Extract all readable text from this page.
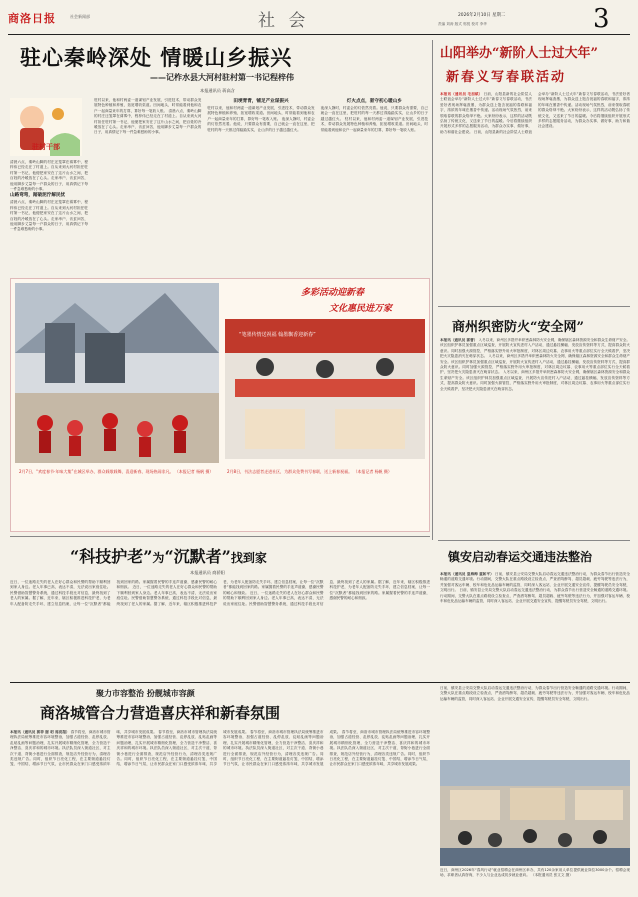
商洛日报	社会新闻部	社 会	责编 刘涛 版式 郭悦 校对 李华
2026年2月10日 星期二	3
驻心秦岭深处 情暖山乡振兴
——记柞水县大河村驻村第一书记程梓伟
本报通讯员 蒋高含
驻村干部
清晨六点，秦岭山脚的村庄还笼罩在薄雾中，程梓伟已经走在了村道上。自从来到大河村担任驻村第一书记，他便把家安在了这片山水之间，把百姓的冷暖放在了心头。走家串户、访贫问苦，他用脚步丈量每一户群众的日子，用真情记下每一件急难愁盼的小事。
山路弯弯，踏破泥泞解民忧
清晨六点，秦岭山脚的村庄还笼罩在薄雾中，程梓伟已经走在了村道上。自从来到大河村担任驻村第一书记，他便把家安在了这片山水之间，把百姓的冷暖放在了心头。走家串户、访贫问苦，他用脚步丈量每一户群众的日子，用真情记下每一件急难愁盼的小事。
驻村以来，他和村两委一道谋划产业发展，引进技术，带动群众发展特色种植和养殖，拓宽增收渠道。田间地头，时常能看到他和农户一起商量来年的打算，算好每一笔收入账。 清晨六点，秦岭山脚的村庄还笼罩在薄雾中，程梓伟已经走在了村道上。自从来到大河村担任驻村第一书记，他便把家安在了这片山水之间，把百姓的冷暖放在了心头。走家串户、访贫问苦，他用脚步丈量每一户群众的日子，用真情记下每一件急难愁盼的小事。
田埂青青，铺足产业谋振兴
驻村以来，他和村两委一道谋划产业发展，引进技术，带动群众发展特色种植和养殖，拓宽增收渠道。田间地头，时常能看到他和农户一起商量来年的打算，算好每一笔收入账。 夜深人静时，村委会的灯依然亮着。他说，只要群众有需要，自己就会一直在这里，把驻村的每一天都过得踏踏实实，让山乡的日子越过越红火。
灯火点点，驱守初心暖山乡
夜深人静时，村委会的灯依然亮着。他说，只要群众有需要，自己就会一直在这里，把驻村的每一天都过得踏踏实实，让山乡的日子越过越红火。 驻村以来，他和村两委一道谋划产业发展，引进技术，带动群众发展特色种植和养殖，拓宽增收渠道。田间地头，时常能看到他和农户一起商量来年的打算，算好每一笔收入账。
山阳举办“新阶人士过大年”
新春义写春联活动
本报讯（通讯员 毛加斌） 日前，山阳县新的社会阶层人士联谊会举办“新阶人士过大年”新春义写春联活动，书法爱好者现场挥毫泼墨，为群众送上饱含祝福的春联和福字，浓浓的年味在墨香中传递。活动现场气氛热烈，前来领取春联的群众络绎不绝。大家纷纷表示，这样的活动既弘扬了传统文化，又送来了节日的温暖。今后将继续组织开展形式多样的志愿服务活动，为群众办实事、做好事，助力和谐社会建设。 日前，山阳县新的社会阶层人士联谊会举办“新阶人士过大年”新春义写春联活动，书法爱好者现场挥毫泼墨，为群众送上饱含祝福的春联和福字，浓浓的年味在墨香中传递。活动现场气氛热烈，前来领取春联的群众络绎不绝。大家纷纷表示，这样的活动既弘扬了传统文化，又送来了节日的温暖。今后将继续组织开展形式多样的志愿服务活动，为群众办实事、做好事，助力和谐社会建设。
多彩活动迎新春
文化惠民进万家
“笔墨传情送祝福 翰墨飘香迎新春”
2月7日，“欢度春节·年味大集”在城区举办，群众载歌载舞，喜迎新春，现场热闹非凡。 （本报记者 杨帆 摄）	2月8日，书法志愿者走进社区，为群众免费书写春联，送上新春祝福。 （本报记者 杨帆 摄）
商州织密防火“安全网”
本报讯（通讯员 郭曹） 入冬以来，商州区多措并举织密森林防火安全网，确保辖区森林资源安全和群众生命财产安全。该区组织护林员加强重点区域巡查，开展防火宣传进村入户活动，通过悬挂横幅、发放宣传资料等方式，提高群众防火意识。同时加强火源管控，严格落实野外用火审批制度，对林区周边坟墓、农事用火等重点部位实行全天候看护，坚决把火灾隐患消灭在萌芽状态。 入冬以来，商州区多措并举织密森林防火安全网，确保辖区森林资源安全和群众生命财产安全。该区组织护林员加强重点区域巡查，开展防火宣传进村入户活动，通过悬挂横幅、发放宣传资料等方式，提高群众防火意识。同时加强火源管控，严格落实野外用火审批制度，对林区周边坟墓、农事用火等重点部位实行全天候看护，坚决把火灾隐患消灭在萌芽状态。 入冬以来，商州区多措并举织密森林防火安全网，确保辖区森林资源安全和群众生命财产安全。该区组织护林员加强重点区域巡查，开展防火宣传进村入户活动，通过悬挂横幅、发放宣传资料等方式，提高群众防火意识。同时加强火源管控，严格落实野外用火审批制度，对林区周边坟墓、农事用火等重点部位实行全天候看护，坚决把火灾隐患消灭在萌芽状态。
镇安启动春运交通违法整治
本报讯（通讯员 夏海梅 童和平） 日前，镇安县公安局交警大队启动春运交通违法整治行动，为群众春节出行营造安全畅通的道路交通环境。行动期间，交警大队在重点路段设立检查点，严查酒驾醉驾、超员超载、疲劳驾驶等违法行为，并加强对客运车辆、校车和危化品运输车辆的监管，同时深入客运站、企业开展交通安全宣传，提醒驾驶员安全驾驶，文明出行。 日前，镇安县公安局交警大队启动春运交通违法整治行动，为群众春节出行营造安全畅通的道路交通环境。行动期间，交警大队在重点路段设立检查点，严查酒驾醉驾、超员超载、疲劳驾驶等违法行为，并加强对客运车辆、校车和危化品运输车辆的监管，同时深入客运站、企业开展交通安全宣传，提醒驾驶员安全驾驶，文明出行。
“科技护老”为“沉默者”找到家
本报通讯员 商骄阳
近日，一位迷路走失的老人在好心群众和民警的帮助下顺利回到家人身边。老人年事已高，表达不清，无法说出家庭住址。民警借助智慧警务系统，通过科技手段比对信息，最终找到了老人的家属。据了解，近年来，辖区积极推进科技护老，为老年人配备防走失手环，建立信息档案，让每一位“沉默者”都能找到回家的路。家属握着民警的手连声道谢，感谢民警的耐心和细致。 近日，一位迷路走失的老人在好心群众和民警的帮助下顺利回到家人身边。老人年事已高，表达不清，无法说出家庭住址。民警借助智慧警务系统，通过科技手段比对信息，最终找到了老人的家属。据了解，近年来，辖区积极推进科技护老，为老年人配备防走失手环，建立信息档案，让每一位“沉默者”都能找到回家的路。家属握着民警的手连声道谢，感谢民警的耐心和细致。 近日，一位迷路走失的老人在好心群众和民警的帮助下顺利回到家人身边。老人年事已高，表达不清，无法说出家庭住址。民警借助智慧警务系统，通过科技手段比对信息，最终找到了老人的家属。据了解，近年来，辖区积极推进科技护老，为老年人配备防走失手环，建立信息档案，让每一位“沉默者”都能找到回家的路。家属握着民警的手连声道谢，感谢民警的耐心和细致。
聚力市容整治 扮靓城市容颜
商洛城管合力营造喜庆祥和新春氛围
本报讯（通讯员 郭菲 谢 玥 周亮超） 春节将至，商洛市城市管理执法局统筹推进市容环境整治，加强占道经营、乱停乱放、乱贴乱画等问题治理，扎实开展城市精细化管理，全力营造干净整洁、喜庆祥和的城市环境。执法队员深入街道社区，对主次干道、背街小巷进行全面排查，规范店外经营行为，清理各类违规广告。同时，组织节日亮化工程，在主要街道悬挂灯笼、中国结，增添节日气氛，让市民群众在家门口感受浓浓年味，共享城市发展成果。 春节将至，商洛市城市管理执法局统筹推进市容环境整治，加强占道经营、乱停乱放、乱贴乱画等问题治理，扎实开展城市精细化管理，全力营造干净整洁、喜庆祥和的城市环境。执法队员深入街道社区，对主次干道、背街小巷进行全面排查，规范店外经营行为，清理各类违规广告。同时，组织节日亮化工程，在主要街道悬挂灯笼、中国结，增添节日气氛，让市民群众在家门口感受浓浓年味，共享城市发展成果。 春节将至，商洛市城市管理执法局统筹推进市容环境整治，加强占道经营、乱停乱放、乱贴乱画等问题治理，扎实开展城市精细化管理，全力营造干净整洁、喜庆祥和的城市环境。执法队员深入街道社区，对主次干道、背街小巷进行全面排查，规范店外经营行为，清理各类违规广告。同时，组织节日亮化工程，在主要街道悬挂灯笼、中国结，增添节日气氛，让市民群众在家门口感受浓浓年味，共享城市发展成果。 春节将至，商洛市城市管理执法局统筹推进市容环境整治，加强占道经营、乱停乱放、乱贴乱画等问题治理，扎实开展城市精细化管理，全力营造干净整洁、喜庆祥和的城市环境。执法队员深入街道社区，对主次干道、背街小巷进行全面排查，规范店外经营行为，清理各类违规广告。同时，组织节日亮化工程，在主要街道悬挂灯笼、中国结，增添节日气氛，让市民群众在家门口感受浓浓年味，共享城市发展成果。
日前，镇安县公安局交警大队启动春运交通违法整治行动，为群众春节出行营造安全畅通的道路交通环境。行动期间，交警大队在重点路段设立检查点，严查酒驾醉驾、超员超载、疲劳驾驶等违法行为，并加强对客运车辆、校车和危化品运输车辆的监管，同时深入客运站、企业开展交通安全宣传，提醒驾驶员安全驾驶，文明出行。
近日，商州区2026年“春风行动”就业招聘会在商州区举办，共有120余家用人单位提供就业岗位3000余个。招聘会现场，求职者认真咨询，不少人与企业达成初步就业意向。 （本报通讯员 张文文 摄）
